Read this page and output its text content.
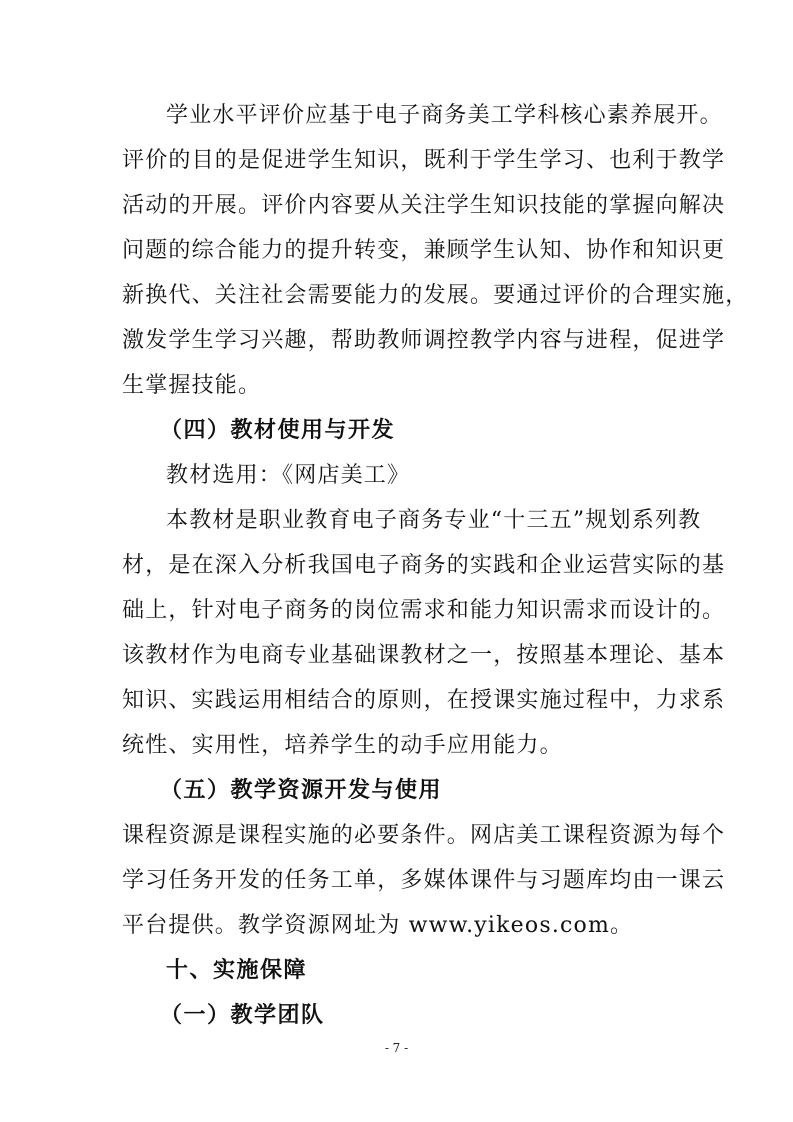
学业水平评价应基于电子商务美工学科核心素养展开。
评价的目的是促进学生知识，既利于学生学习、也利于教学
活动的开展。评价内容要从关注学生知识技能的掌握向解决
问题的综合能力的提升转变，兼顾学生认知、协作和知识更
新换代、关注社会需要能力的发展。要通过评价的合理实施，
激发学生学习兴趣，帮助教师调控教学内容与进程，促进学
生掌握技能。
（四）教材使用与开发
教材选用：《网店美工》
本教材是职业教育电子商务专业“十三五”规划系列教
材，是在深入分析我国电子商务的实践和企业运营实际的基
础上，针对电子商务的岗位需求和能力知识需求而设计的。
该教材作为电商专业基础课教材之一，按照基本理论、基本
知识、实践运用相结合的原则，在授课实施过程中，力求系
统性、实用性，培养学生的动手应用能力。
（五）教学资源开发与使用
课程资源是课程实施的必要条件。网店美工课程资源为每个
学习任务开发的任务工单，多媒体课件与习题库均由一课云
平台提供。教学资源网址为 www.yikeos.com。
十、实施保障
（一）教学团队
- 7 -
